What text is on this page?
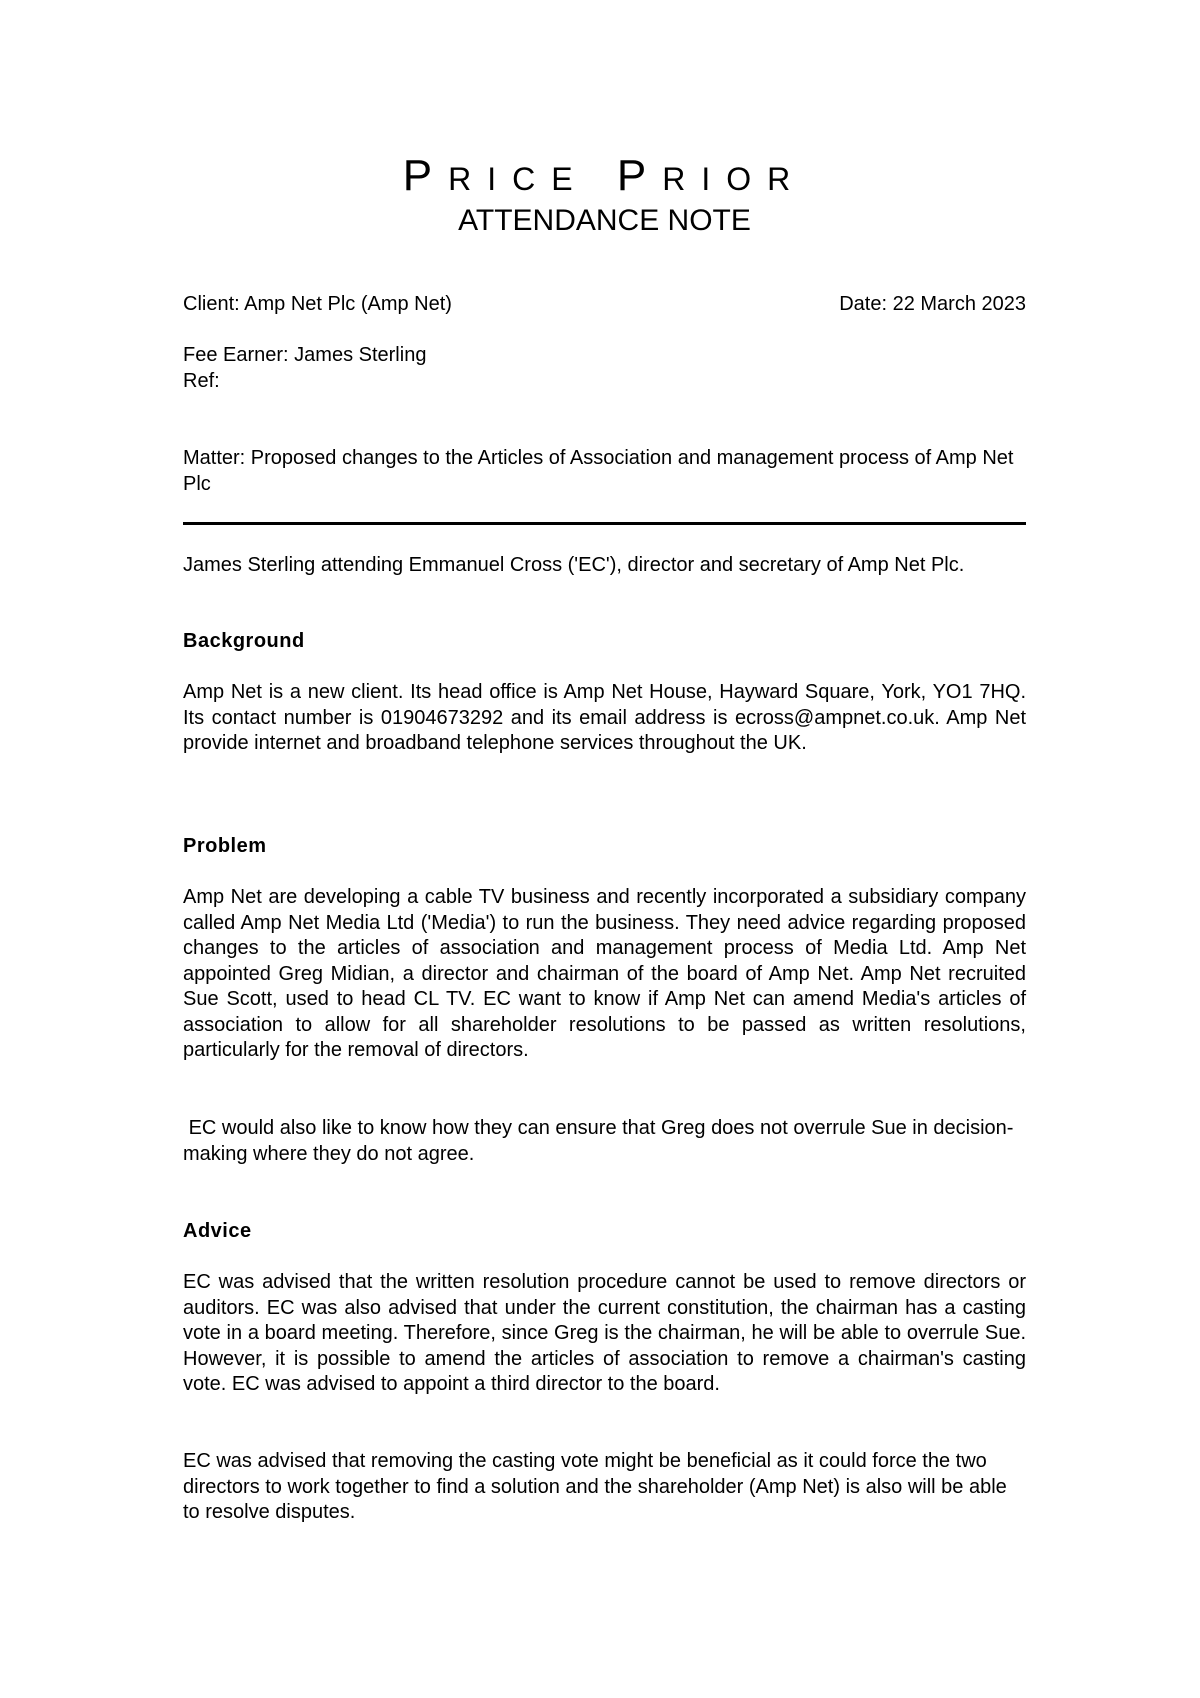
PRICE PRIOR
ATTENDANCE NOTE
Client: Amp Net Plc (Amp Net)	Date: 22 March 2023

Fee Earner: James Sterling

Ref:

Matter: Proposed changes to the Articles of Association and management process of Amp Net Plc

James Sterling attending Emmanuel Cross ('EC'), director and secretary of Amp Net Plc.

Background

Amp Net is a new client. Its head office is Amp Net House, Hayward Square, York, YO1 7HQ. Its contact number is 01904673292 and its email address is ecross@ampnet.co.uk. Amp Net provide internet and broadband telephone services throughout the UK.

Problem

Amp Net are developing a cable TV business and recently incorporated a subsidiary company called Amp Net Media Ltd ('Media') to run the business. They need advice regarding proposed changes to the articles of association and management process of Media Ltd. Amp Net appointed Greg Midian, a director and chairman of the board of Amp Net. Amp Net recruited Sue Scott, used to head CL TV. EC want to know if Amp Net can amend Media's articles of association to allow for all shareholder resolutions to be passed as written resolutions, particularly for the removal of directors.

EC would also like to know how they can ensure that Greg does not overrule Sue in decision-making where they do not agree.

Advice

EC was advised that the written resolution procedure cannot be used to remove directors or auditors. EC was also advised that under the current constitution, the chairman has a casting vote in a board meeting. Therefore, since Greg is the chairman, he will be able to overrule Sue. However, it is possible to amend the articles of association to remove a chairman's casting vote. EC was advised to appoint a third director to the board.

EC was advised that removing the casting vote might be beneficial as it could force the two directors to work together to find a solution and the shareholder (Amp Net) is also will be able to resolve disputes.
